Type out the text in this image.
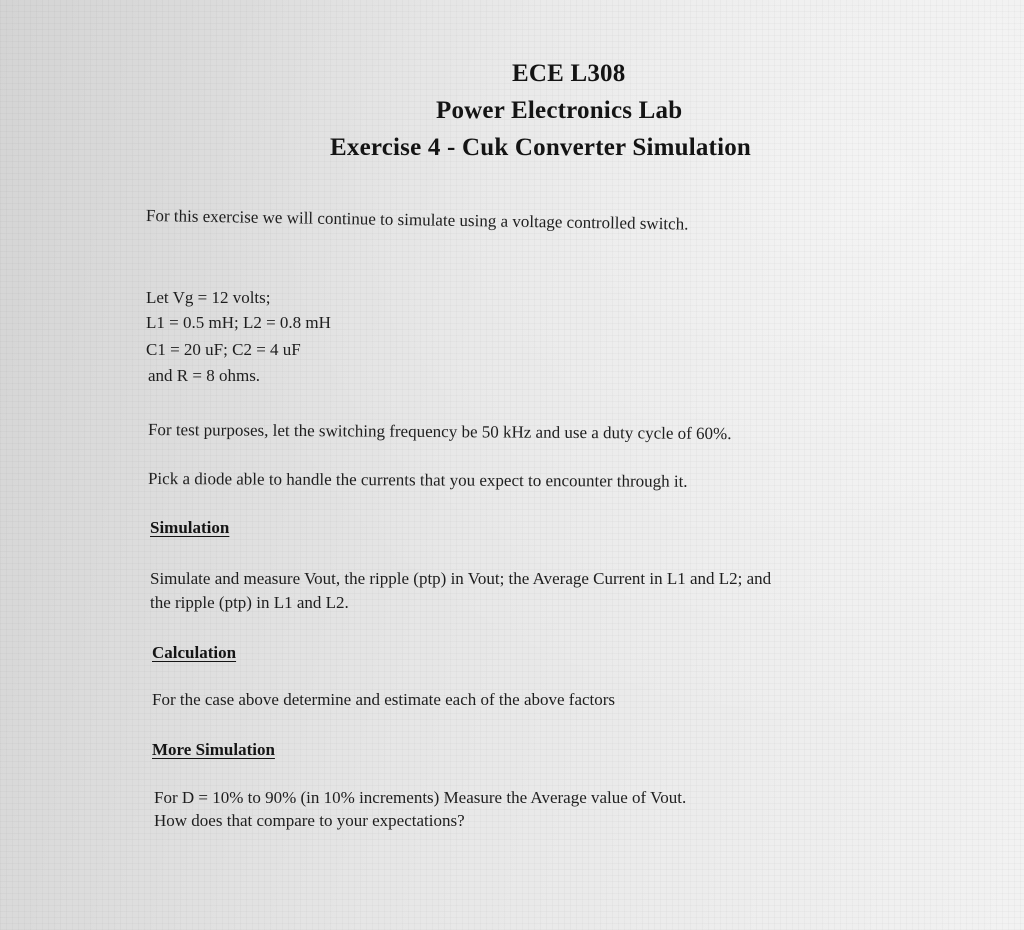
ECE L308

Power Electronics Lab

Exercise 4 - Cuk Converter Simulation

For this exercise we will continue to simulate using a voltage controlled switch.

Let Vg = 12 volts;

L1 = 0.5 mH; L2 = 0.8 mH

C1 = 20 uF; C2 = 4 uF

and R = 8 ohms.

For test purposes, let the switching frequency be 50 kHz and use a duty cycle of 60%.

Pick a diode able to handle the currents that you expect to encounter through it.

Simulation

Simulate and measure Vout, the ripple (ptp) in Vout; the Average Current in L1 and L2; and

the ripple (ptp) in L1 and L2.

Calculation

For the case above determine and estimate each of the above factors

More Simulation

For D = 10% to 90% (in 10% increments) Measure the Average value of Vout.

How does that compare to your expectations?
